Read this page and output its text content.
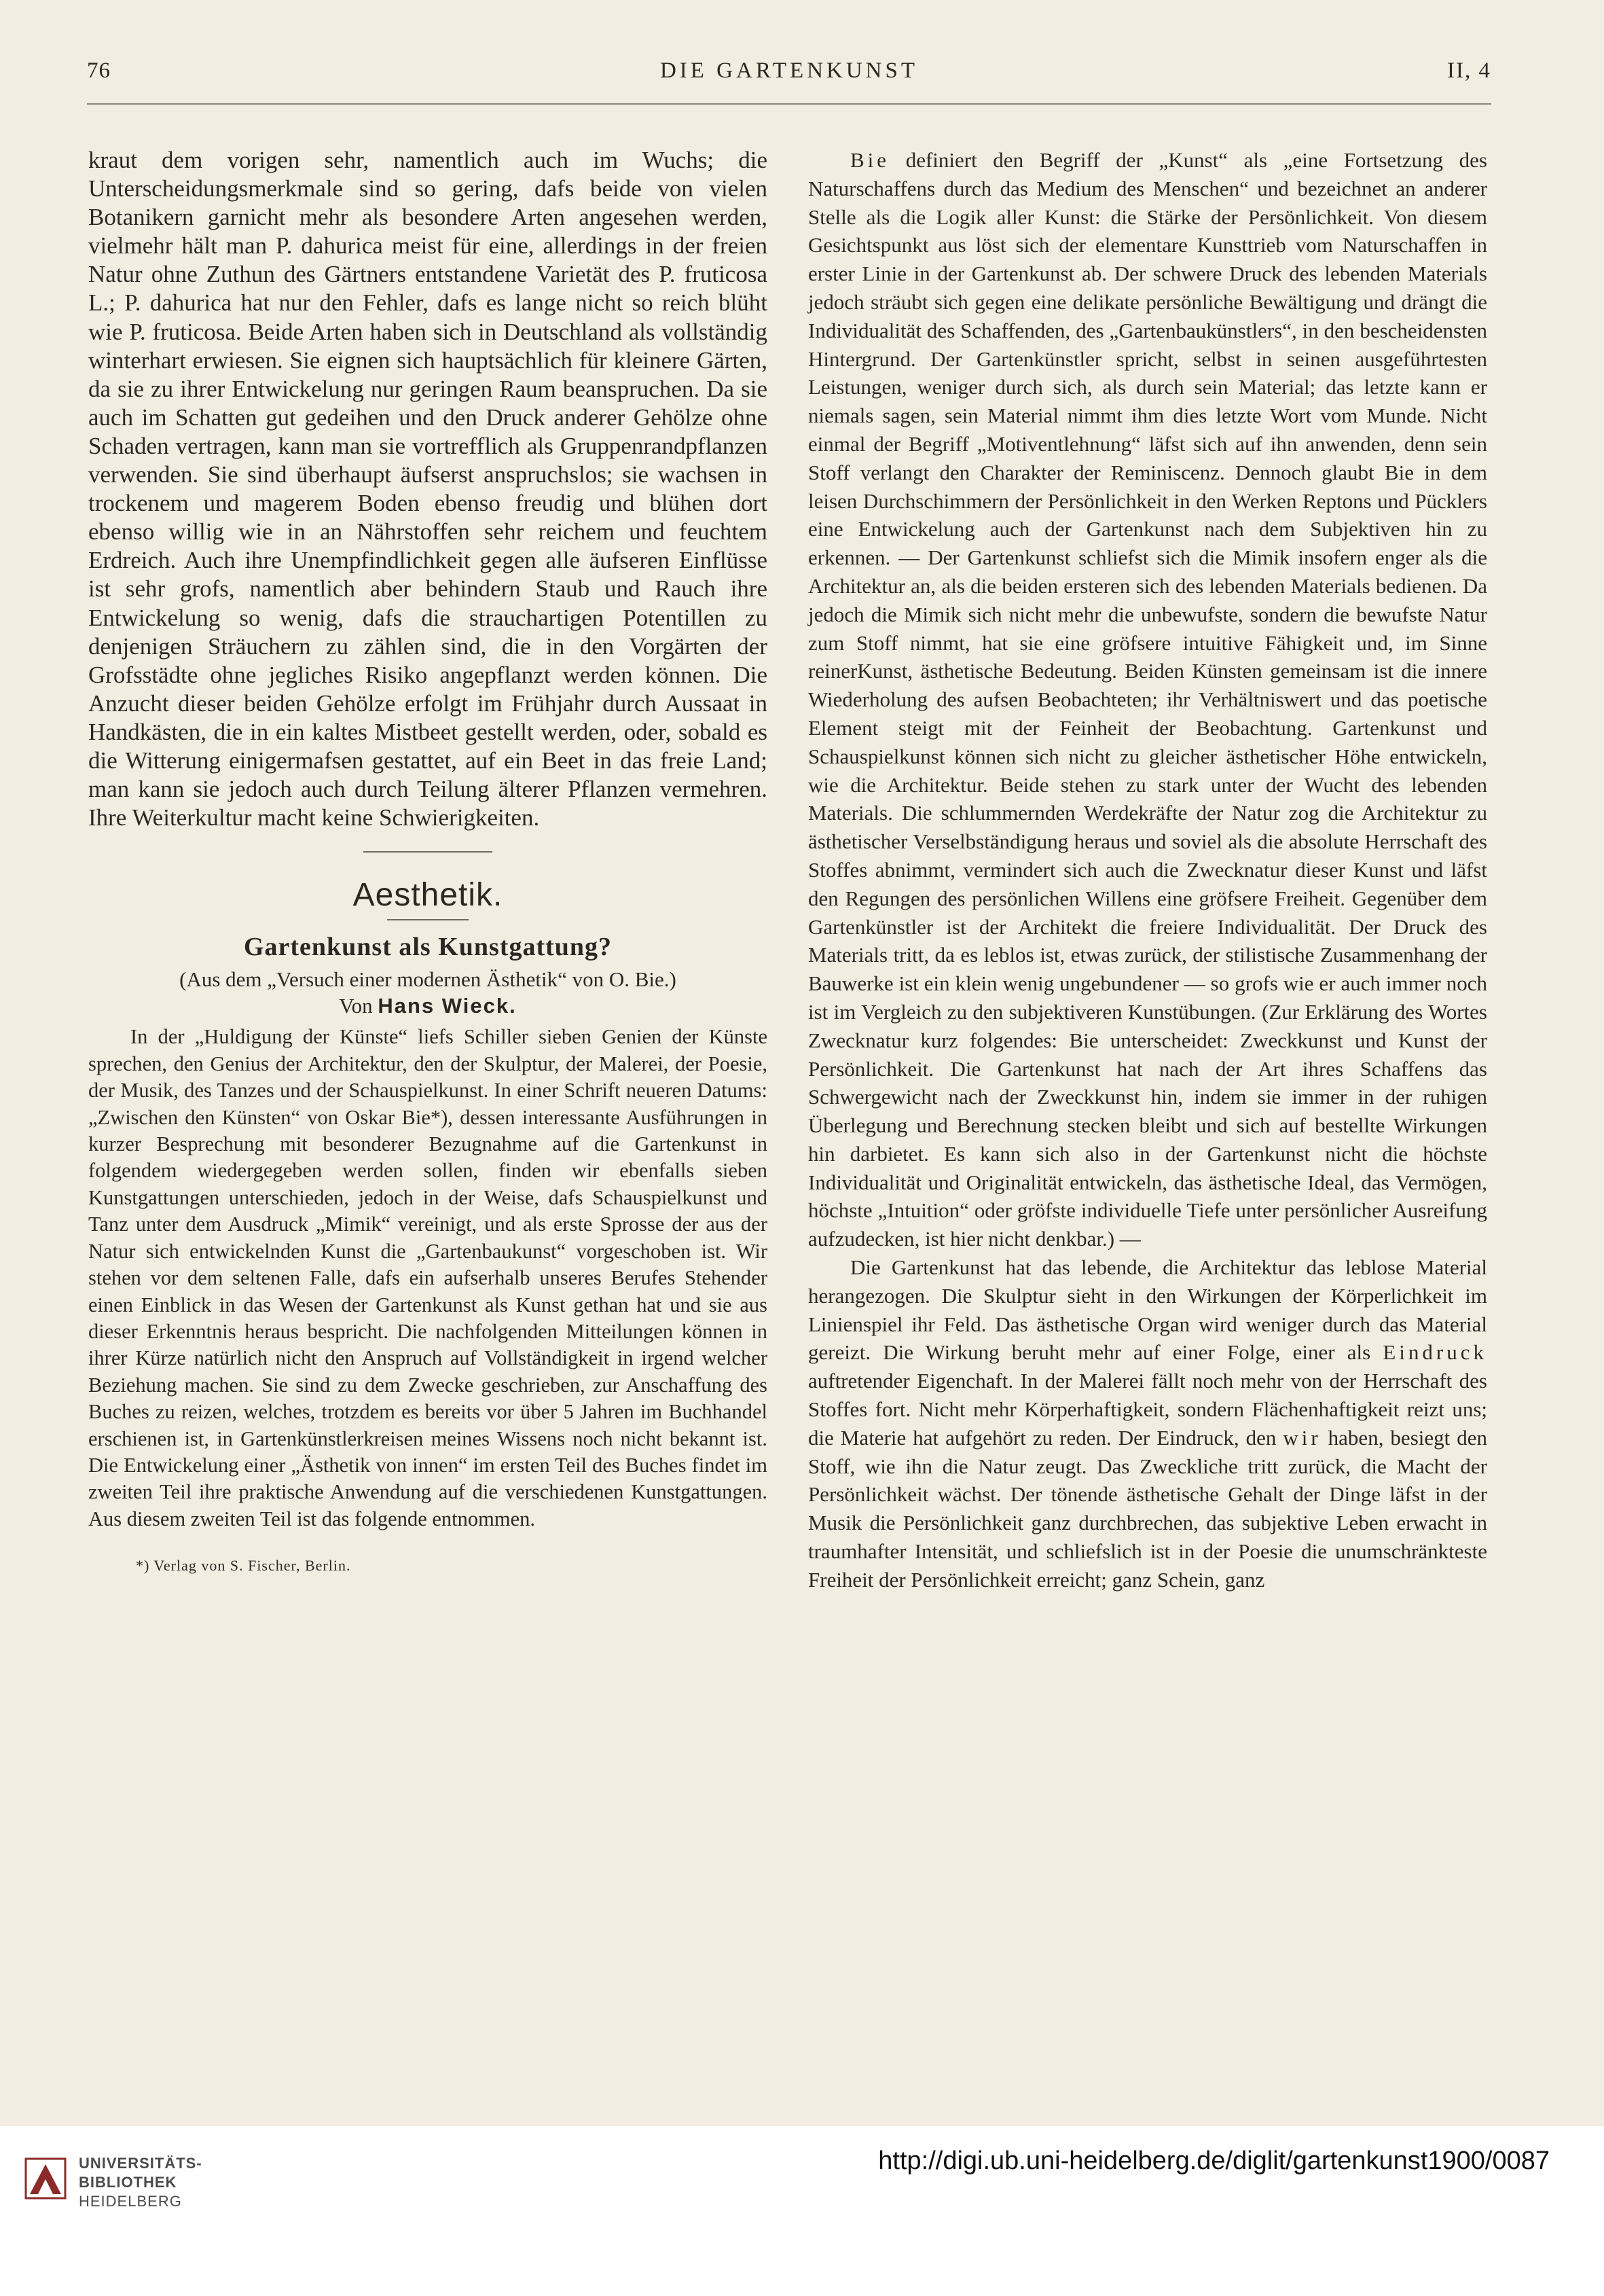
76	DIE GARTENKUNST	II, 4

kraut dem vorigen sehr, namentlich auch im Wuchs; die Unterscheidungsmerkmale sind so gering, dafs beide von vielen Botanikern garnicht mehr als besondere Arten angesehen werden, vielmehr hält man P. dahurica meist für eine, allerdings in der freien Natur ohne Zuthun des Gärtners entstandene Varietät des P. fruticosa L.; P. dahurica hat nur den Fehler, dafs es lange nicht so reich blüht wie P. fruticosa. Beide Arten haben sich in Deutschland als vollständig winterhart erwiesen. Sie eignen sich hauptsächlich für kleinere Gärten, da sie zu ihrer Entwickelung nur geringen Raum beanspruchen. Da sie auch im Schatten gut gedeihen und den Druck anderer Gehölze ohne Schaden vertragen, kann man sie vortrefflich als Gruppenrandpflanzen verwenden. Sie sind überhaupt äufserst anspruchslos; sie wachsen in trockenem und magerem Boden ebenso freudig und blühen dort ebenso willig wie in an Nährstoffen sehr reichem und feuchtem Erdreich. Auch ihre Unempfindlichkeit gegen alle äufseren Einflüsse ist sehr grofs, namentlich aber behindern Staub und Rauch ihre Entwickelung so wenig, dafs die strauchartigen Potentillen zu denjenigen Sträuchern zu zählen sind, die in den Vorgärten der Grofsstädte ohne jegliches Risiko angepflanzt werden können. Die Anzucht dieser beiden Gehölze erfolgt im Frühjahr durch Aussaat in Handkästen, die in ein kaltes Mistbeet gestellt werden, oder, sobald es die Witterung einigermafsen gestattet, auf ein Beet in das freie Land; man kann sie jedoch auch durch Teilung älterer Pflanzen vermehren. Ihre Weiterkultur macht keine Schwierigkeiten.

Aesthetik.
Gartenkunst als Kunstgattung?
(Aus dem „Versuch einer modernen Ästhetik“ von O. Bie.)
Von Hans Wieck.

In der „Huldigung der Künste“ liefs Schiller sieben Genien der Künste sprechen, den Genius der Architektur, den der Skulptur, der Malerei, der Poesie, der Musik, des Tanzes und der Schauspielkunst. In einer Schrift neueren Datums: „Zwischen den Künsten“ von Oskar Bie*), dessen interessante Ausführungen in kurzer Besprechung mit besonderer Bezugnahme auf die Gartenkunst in folgendem wiedergegeben werden sollen, finden wir ebenfalls sieben Kunstgattungen unterschieden, jedoch in der Weise, dafs Schauspielkunst und Tanz unter dem Ausdruck „Mimik“ vereinigt, und als erste Sprosse der aus der Natur sich entwickelnden Kunst die „Gartenbaukunst“ vorgeschoben ist. Wir stehen vor dem seltenen Falle, dafs ein aufserhalb unseres Berufes Stehender einen Einblick in das Wesen der Gartenkunst als Kunst gethan hat und sie aus dieser Erkenntnis heraus bespricht. Die nachfolgenden Mitteilungen können in ihrer Kürze natürlich nicht den Anspruch auf Vollständigkeit in irgend welcher Beziehung machen. Sie sind zu dem Zwecke geschrieben, zur Anschaffung des Buches zu reizen, welches, trotzdem es bereits vor über 5 Jahren im Buchhandel erschienen ist, in Gartenkünstlerkreisen meines Wissens noch nicht bekannt ist. Die Entwickelung einer „Ästhetik von innen“ im ersten Teil des Buches findet im zweiten Teil ihre praktische Anwendung auf die verschiedenen Kunstgattungen. Aus diesem zweiten Teil ist das folgende entnommen.

*) Verlag von S. Fischer, Berlin.

Bie definiert den Begriff der „Kunst“ als „eine Fortsetzung des Naturschaffens durch das Medium des Menschen“ und bezeichnet an anderer Stelle als die Logik aller Kunst: die Stärke der Persönlichkeit. Von diesem Gesichtspunkt aus löst sich der elementare Kunsttrieb vom Naturschaffen in erster Linie in der Gartenkunst ab. Der schwere Druck des lebenden Materials jedoch sträubt sich gegen eine delikate persönliche Bewältigung und drängt die Individualität des Schaffenden, des „Gartenbaukünstlers“, in den bescheidensten Hintergrund. Der Gartenkünstler spricht, selbst in seinen ausgeführtesten Leistungen, weniger durch sich, als durch sein Material; das letzte kann er niemals sagen, sein Material nimmt ihm dies letzte Wort vom Munde. Nicht einmal der Begriff „Motiventlehnung“ läfst sich auf ihn anwenden, denn sein Stoff verlangt den Charakter der Reminiscenz. Dennoch glaubt Bie in dem leisen Durchschimmern der Persönlichkeit in den Werken Reptons und Pücklers eine Entwickelung auch der Gartenkunst nach dem Subjektiven hin zu erkennen. — Der Gartenkunst schliefst sich die Mimik insofern enger als die Architektur an, als die beiden ersteren sich des lebenden Materials bedienen. Da jedoch die Mimik sich nicht mehr die unbewufste, sondern die bewufste Natur zum Stoff nimmt, hat sie eine gröfsere intuitive Fähigkeit und, im Sinne reinerKunst, ästhetische Bedeutung. Beiden Künsten gemeinsam ist die innere Wiederholung des aufsen Beobachteten; ihr Verhältniswert und das poetische Element steigt mit der Feinheit der Beobachtung. Gartenkunst und Schauspielkunst können sich nicht zu gleicher ästhetischer Höhe entwickeln, wie die Architektur. Beide stehen zu stark unter der Wucht des lebenden Materials. Die schlummernden Werdekräfte der Natur zog die Architektur zu ästhetischer Verselbständigung heraus und soviel als die absolute Herrschaft des Stoffes abnimmt, vermindert sich auch die Zwecknatur dieser Kunst und läfst den Regungen des persönlichen Willens eine gröfsere Freiheit. Gegenüber dem Gartenkünstler ist der Architekt die freiere Individualität. Der Druck des Materials tritt, da es leblos ist, etwas zurück, der stilistische Zusammenhang der Bauwerke ist ein klein wenig ungebundener — so grofs wie er auch immer noch ist im Vergleich zu den subjektiveren Kunstübungen. (Zur Erklärung des Wortes Zwecknatur kurz folgendes: Bie unterscheidet: Zweckkunst und Kunst der Persönlichkeit. Die Gartenkunst hat nach der Art ihres Schaffens das Schwergewicht nach der Zweckkunst hin, indem sie immer in der ruhigen Überlegung und Berechnung stecken bleibt und sich auf bestellte Wirkungen hin darbietet. Es kann sich also in der Gartenkunst nicht die höchste Individualität und Originalität entwickeln, das ästhetische Ideal, das Vermögen, höchste „Intuition“ oder gröfste individuelle Tiefe unter persönlicher Ausreifung aufzudecken, ist hier nicht denkbar.) —

Die Gartenkunst hat das lebende, die Architektur das leblose Material herangezogen. Die Skulptur sieht in den Wirkungen der Körperlichkeit im Linienspiel ihr Feld. Das ästhetische Organ wird weniger durch das Material gereizt. Die Wirkung beruht mehr auf einer Folge, einer als Eindruck auftretender Eigenchaft. In der Malerei fällt noch mehr von der Herrschaft des Stoffes fort. Nicht mehr Körperhaftigkeit, sondern Flächenhaftigkeit reizt uns; die Materie hat aufgehört zu reden. Der Eindruck, den wir haben, besiegt den Stoff, wie ihn die Natur zeugt. Das Zweckliche tritt zurück, die Macht der Persönlichkeit wächst. Der tönende ästhetische Gehalt der Dinge läfst in der Musik die Persönlichkeit ganz durchbrechen, das subjektive Leben erwacht in traumhafter Intensität, und schliefslich ist in der Poesie die unumschränkteste Freiheit der Persönlichkeit erreicht; ganz Schein, ganz

UNIVERSITÄTS-
BIBLIOTHEK
HEIDELBERG
http://digi.ub.uni-heidelberg.de/diglit/gartenkunst1900/0087
